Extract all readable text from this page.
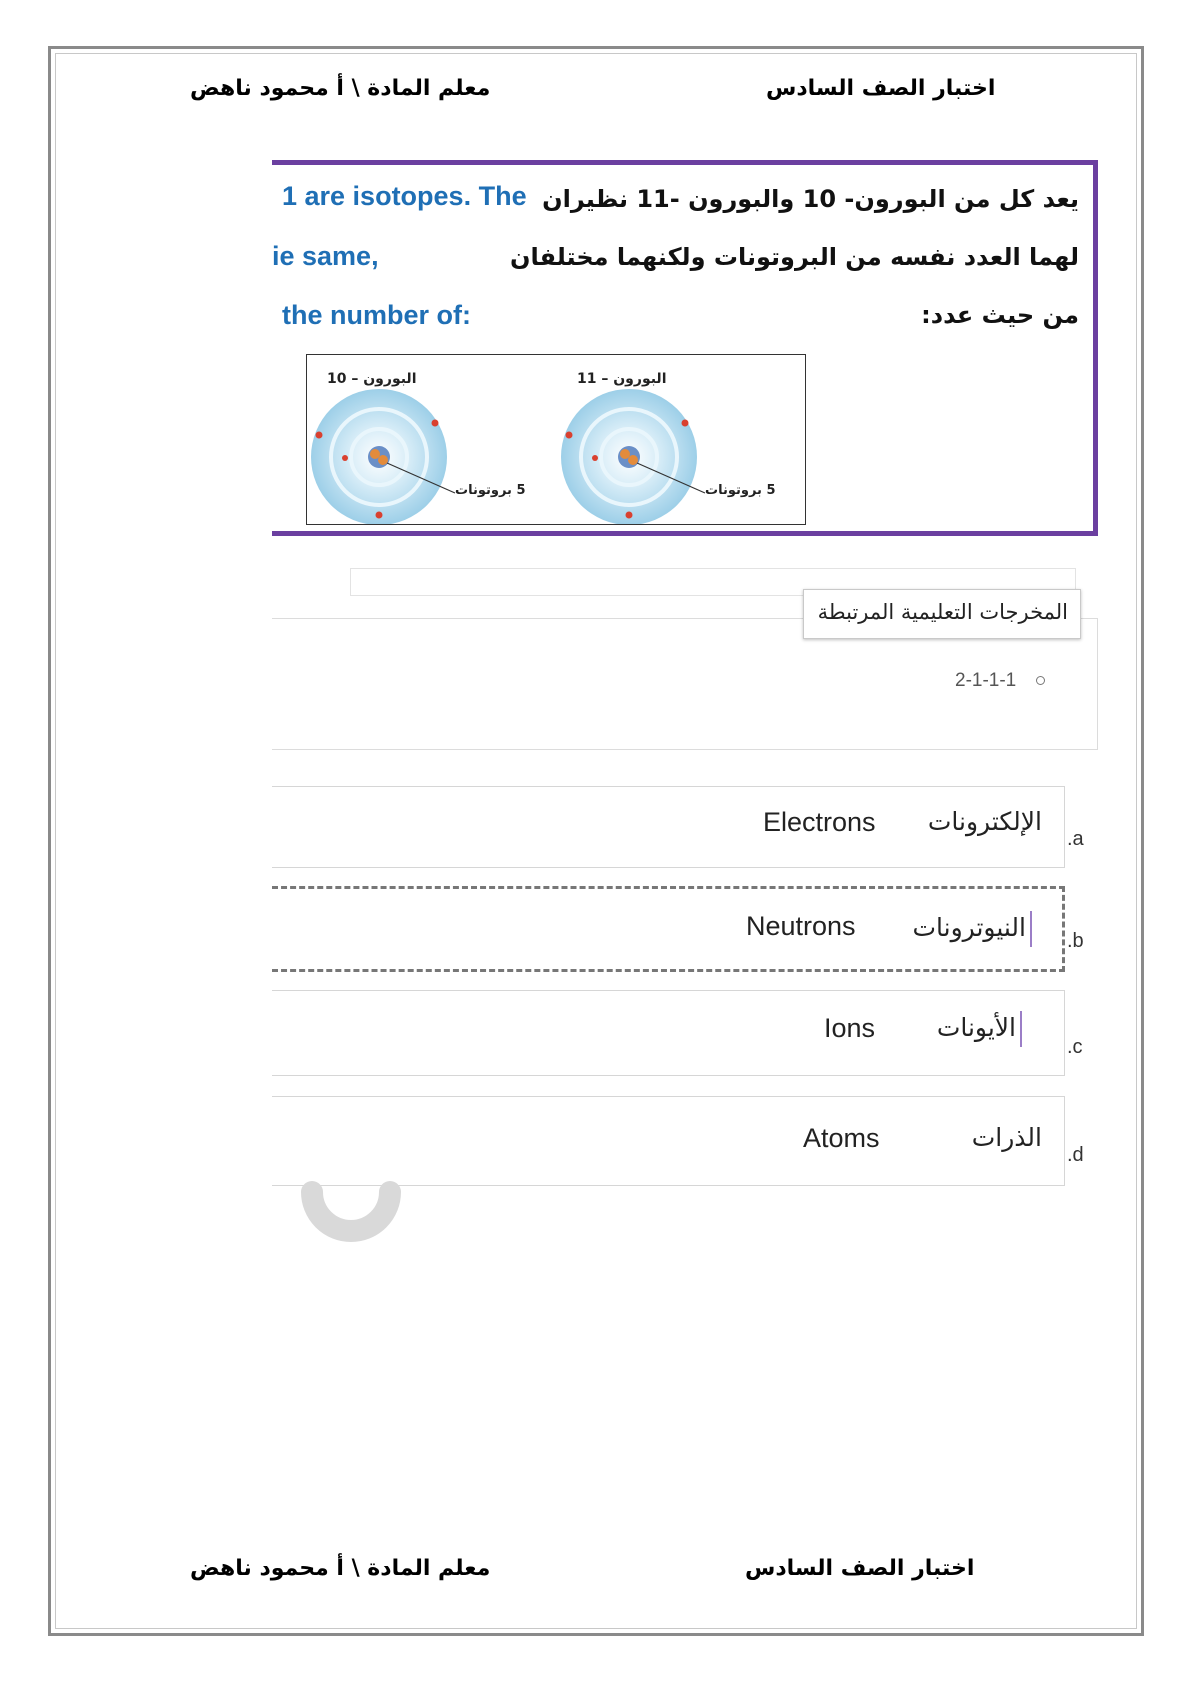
معلم المادة \ أ محمود ناهض	اختبار الصف السادس
يعد كل من البورون- 10 والبورون -11 نظيران
لهما العدد نفسه من البروتونات ولكنهما مختلفان
من حيث عدد:
1 are isotopes. The
ie same,
the number of:
البورون – 10	البورون – 11
5 بروتونات	5 بروتونات
المخرجات التعليمية المرتبطة
2-1-1-1
الإلكترونات
Electrons
.a
النيوترونات
Neutrons	.b
الأيونات
Ions
.c
الذرات
Atoms
.d
معلم المادة \ أ محمود ناهض	اختبار الصف السادس
